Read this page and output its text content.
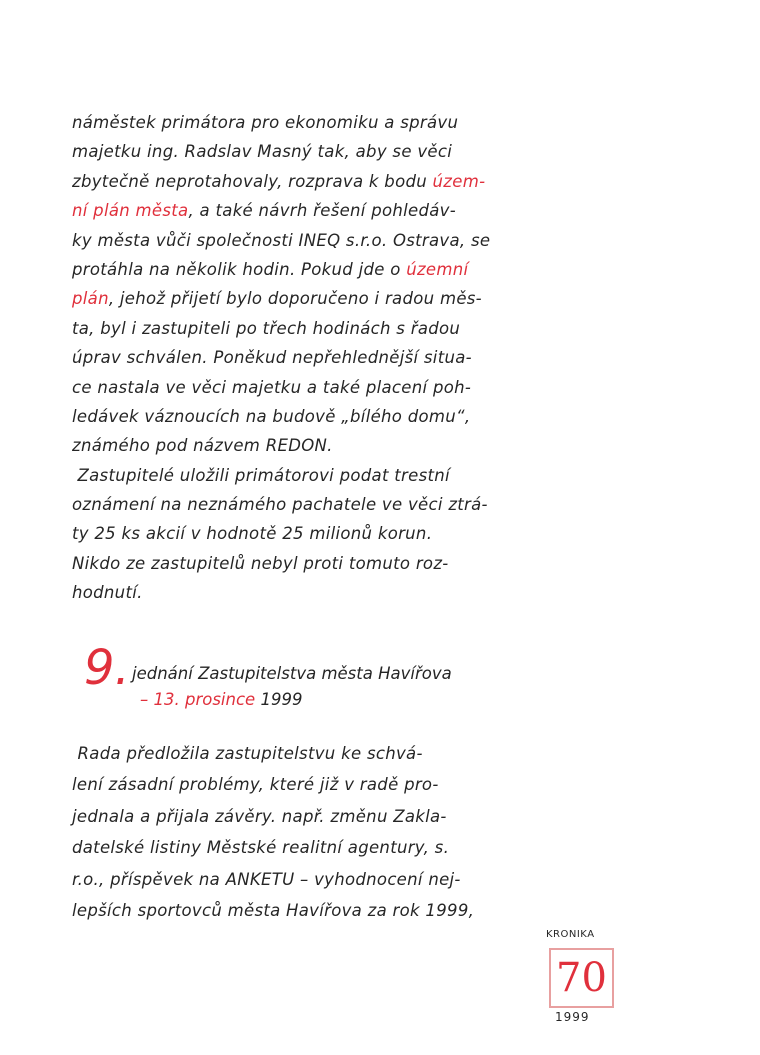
náměstek primátora pro ekonomiku a správu
majetku ing. Radslav Masný tak, aby se věci
zbytečně neprotahovaly, rozprava k bodu územ-
ní plán města, a také návrh řešení pohledáv-
ky města vůči společnosti INEQ s.r.o. Ostrava, se
protáhla na několik hodin. Pokud jde o územní
plán, jehož přijetí bylo doporučeno i radou měs-
ta, byl i zastupiteli po třech hodinách s řadou
úprav schválen. Poněkud nepřehlednější situa-
ce nastala ve věci majetku a také placení poh-
ledávek váznoucích na budově „bílého domu“,
známého pod názvem REDON.
Zastupitelé uložili primátorovi podat trestní
oznámení na neznámého pachatele ve věci ztrá-
ty 25 ks akcií v hodnotě 25 milionů korun.
Nikdo ze zastupitelů nebyl proti tomuto roz-
hodnutí.
9. jednání Zastupitelstva města Havířova
– 13. prosince 1999
Rada předložila zastupitelstvu ke schvá-
lení zásadní problémy, které již v radě pro-
jednala a přijala závěry. např. změnu Zakla-
datelské listiny Městské realitní agentury, s.
r.o., příspěvek na ANKETU – vyhodnocení nej-
lepších sportovců města Havířova za rok 1999,
KRONIKA
70
1999
